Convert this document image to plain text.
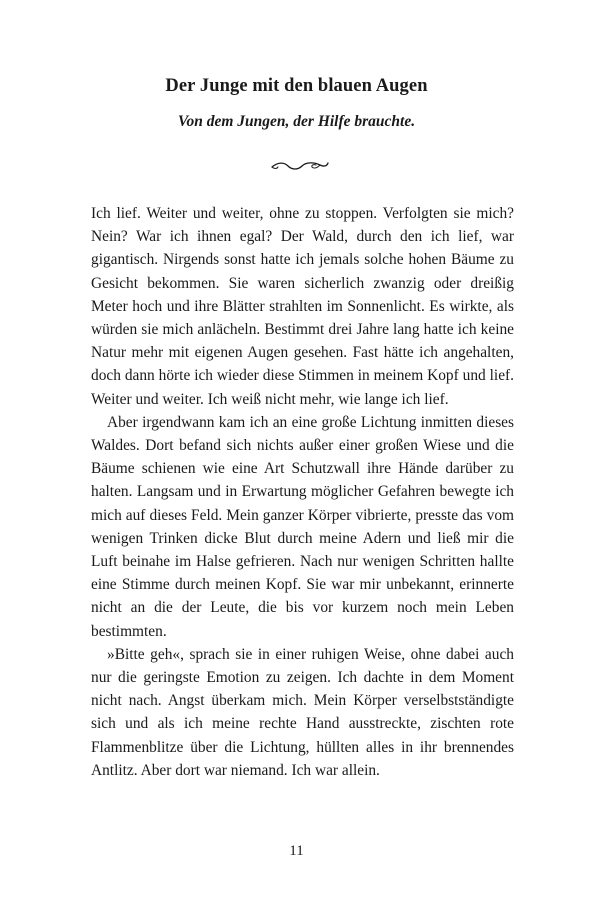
Der Junge mit den blauen Augen
Von dem Jungen, der Hilfe brauchte.

Ich lief. Weiter und weiter, ohne zu stoppen. Verfolgten sie mich? Nein? War ich ihnen egal? Der Wald, durch den ich lief, war gigantisch. Nirgends sonst hatte ich jemals solche hohen Bäume zu Gesicht bekommen. Sie waren sicherlich zwanzig oder dreißig Meter hoch und ihre Blätter strahlten im Sonnenlicht. Es wirkte, als würden sie mich anlächeln. Bestimmt drei Jahre lang hatte ich keine Natur mehr mit eigenen Augen gesehen. Fast hätte ich angehalten, doch dann hörte ich wieder diese Stimmen in meinem Kopf und lief. Weiter und weiter. Ich weiß nicht mehr, wie lange ich lief.

Aber irgendwann kam ich an eine große Lichtung inmitten dieses Waldes. Dort befand sich nichts außer einer großen Wiese und die Bäume schienen wie eine Art Schutzwall ihre Hände darüber zu halten. Langsam und in Erwartung möglicher Gefahren bewegte ich mich auf dieses Feld. Mein ganzer Körper vibrierte, presste das vom wenigen Trinken dicke Blut durch meine Adern und ließ mir die Luft beinahe im Halse gefrieren. Nach nur wenigen Schritten hallte eine Stimme durch meinen Kopf. Sie war mir unbekannt, erinnerte nicht an die der Leute, die bis vor kurzem noch mein Leben bestimmten.

»Bitte geh«, sprach sie in einer ruhigen Weise, ohne dabei auch nur die geringste Emotion zu zeigen. Ich dachte in dem Moment nicht nach. Angst überkam mich. Mein Körper verselbstständigte sich und als ich meine rechte Hand ausstreckte, zischten rote Flammenblitze über die Lichtung, hüllten alles in ihr brennendes Antlitz. Aber dort war niemand. Ich war allein.

11
